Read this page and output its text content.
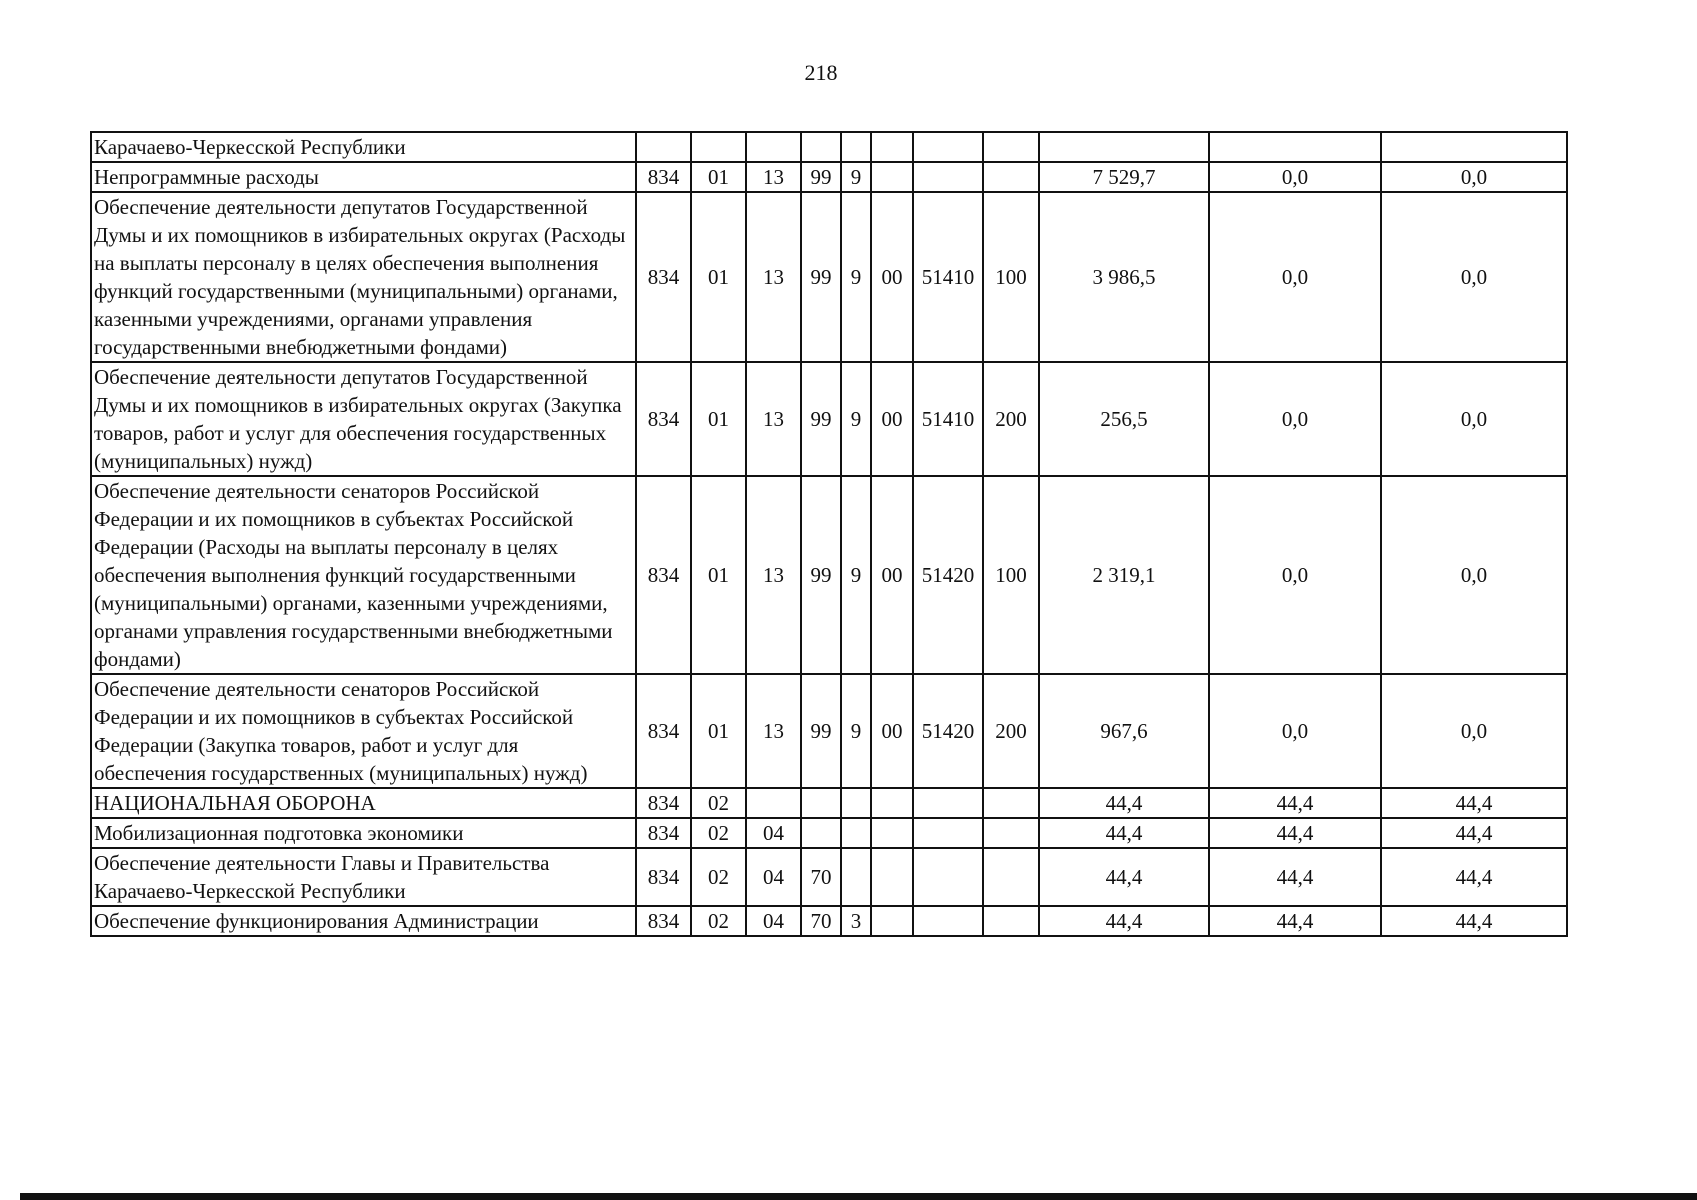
218
Карачаево-Черкесской Республики											
Непрограммные расходы	834	01	13	99	9				7 529,7	0,0	0,0
Обеспечение деятельности депутатов Государственной Думы и их помощников в избирательных округах (Расходы на выплаты персоналу в целях обеспечения выполнения функций государственными (муниципальными) органами, казенными учреждениями, органами управления государственными внебюджетными фондами)	834	01	13	99	9	00	51410	100	3 986,5	0,0	0,0
Обеспечение деятельности депутатов Государственной Думы и их помощников в избирательных округах (Закупка товаров, работ и услуг для обеспечения государственных (муниципальных) нужд)	834	01	13	99	9	00	51410	200	256,5	0,0	0,0
Обеспечение деятельности сенаторов Российской Федерации и их помощников в субъектах Российской Федерации (Расходы на выплаты персоналу в целях обеспечения выполнения функций государственными (муниципальными) органами, казенными учреждениями, органами управления государственными внебюджетными фондами)	834	01	13	99	9	00	51420	100	2 319,1	0,0	0,0
Обеспечение деятельности сенаторов Российской Федерации и их помощников в субъектах Российской Федерации (Закупка товаров, работ и услуг для обеспечения государственных (муниципальных) нужд)	834	01	13	99	9	00	51420	200	967,6	0,0	0,0
НАЦИОНАЛЬНАЯ ОБОРОНА	834	02							44,4	44,4	44,4
Мобилизационная подготовка экономики	834	02	04						44,4	44,4	44,4
Обеспечение деятельности Главы и Правительства Карачаево-Черкесской Республики	834	02	04	70					44,4	44,4	44,4
Обеспечение функционирования Администрации	834	02	04	70	3				44,4	44,4	44,4
